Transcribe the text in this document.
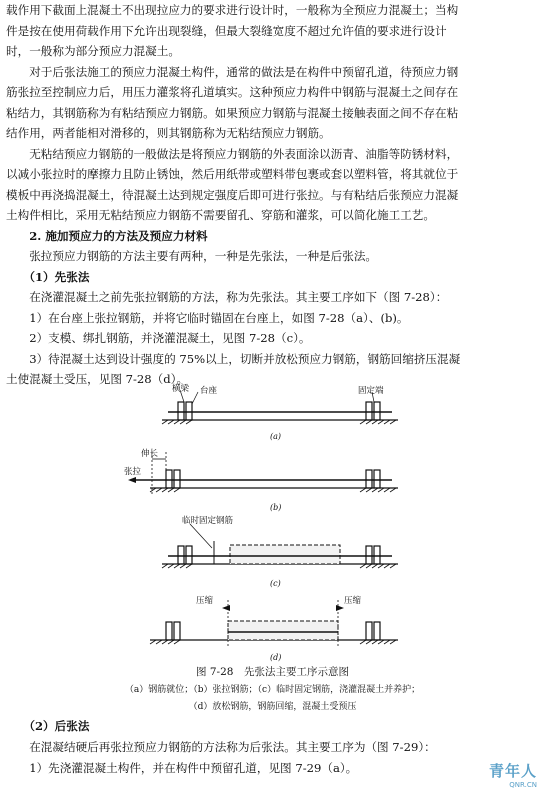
载作用下截面上混凝土不出现拉应力的要求进行设计时，一般称为全预应力混凝土；当构
件是按在使用荷载作用下允许出现裂缝，但最大裂缝宽度不超过允许值的要求进行设计
时，一般称为部分预应力混凝土。
　　对于后张法施工的预应力混凝土构件，通常的做法是在构件中预留孔道，待预应力钢
筋张拉至控制应力后，用压力灌浆将孔道填实。这种预应力构件中钢筋与混凝土之间存在
粘结力，其钢筋称为有粘结预应力钢筋。如果预应力钢筋与混凝土接触表面之间不存在粘
结作用，两者能相对滑移的，则其钢筋称为无粘结预应力钢筋。
　　无粘结预应力钢筋的一般做法是将预应力钢筋的外表面涂以沥青、油脂等防锈材料，
以减小张拉时的摩擦力且防止锈蚀，然后用纸带或塑料带包裹或套以塑料管，将其就位于
模板中再浇捣混凝土，待混凝土达到规定强度后即可进行张拉。与有粘结后张预应力混凝
土构件相比，采用无粘结预应力钢筋不需要留孔、穿筋和灌浆，可以简化施工工艺。
　　2. 施加预应力的方法及预应力材料
　　张拉预应力钢筋的方法主要有两种，一种是先张法，一种是后张法。
　　（1）先张法
　　在浇灌混凝土之前先张拉钢筋的方法，称为先张法。其主要工序如下（图 7-28）：
　　1）在台座上张拉钢筋，并将它临时锚固在台座上，如图 7-28（a）、(b)。
　　2）支模、绑扎钢筋，并浇灌混凝土，见图 7-28（c）。
　　3）待混凝土达到设计强度的 75%以上，切断并放松预应力钢筋，钢筋回缩挤压混凝
土使混凝土受压，见图 7-28（d）。
横梁 台座	固定端
(a)
伸长
张拉
(b)
临时固定钢筋
(c)
压缩	压缩
(d)
图 7-28　先张法主要工序示意图
（a）钢筋就位；（b）张拉钢筋；（c）临时固定钢筋，浇灌混凝土并养护；
（d）放松钢筋，钢筋回缩，混凝土受预压
　　（2）后张法
　　在混凝结硬后再张拉预应力钢筋的方法称为后张法。其主要工序为（图 7-29）：
　　1）先浇灌混凝土构件，并在构件中预留孔道，见图 7-29（a）。	青年人
QNR.CN
